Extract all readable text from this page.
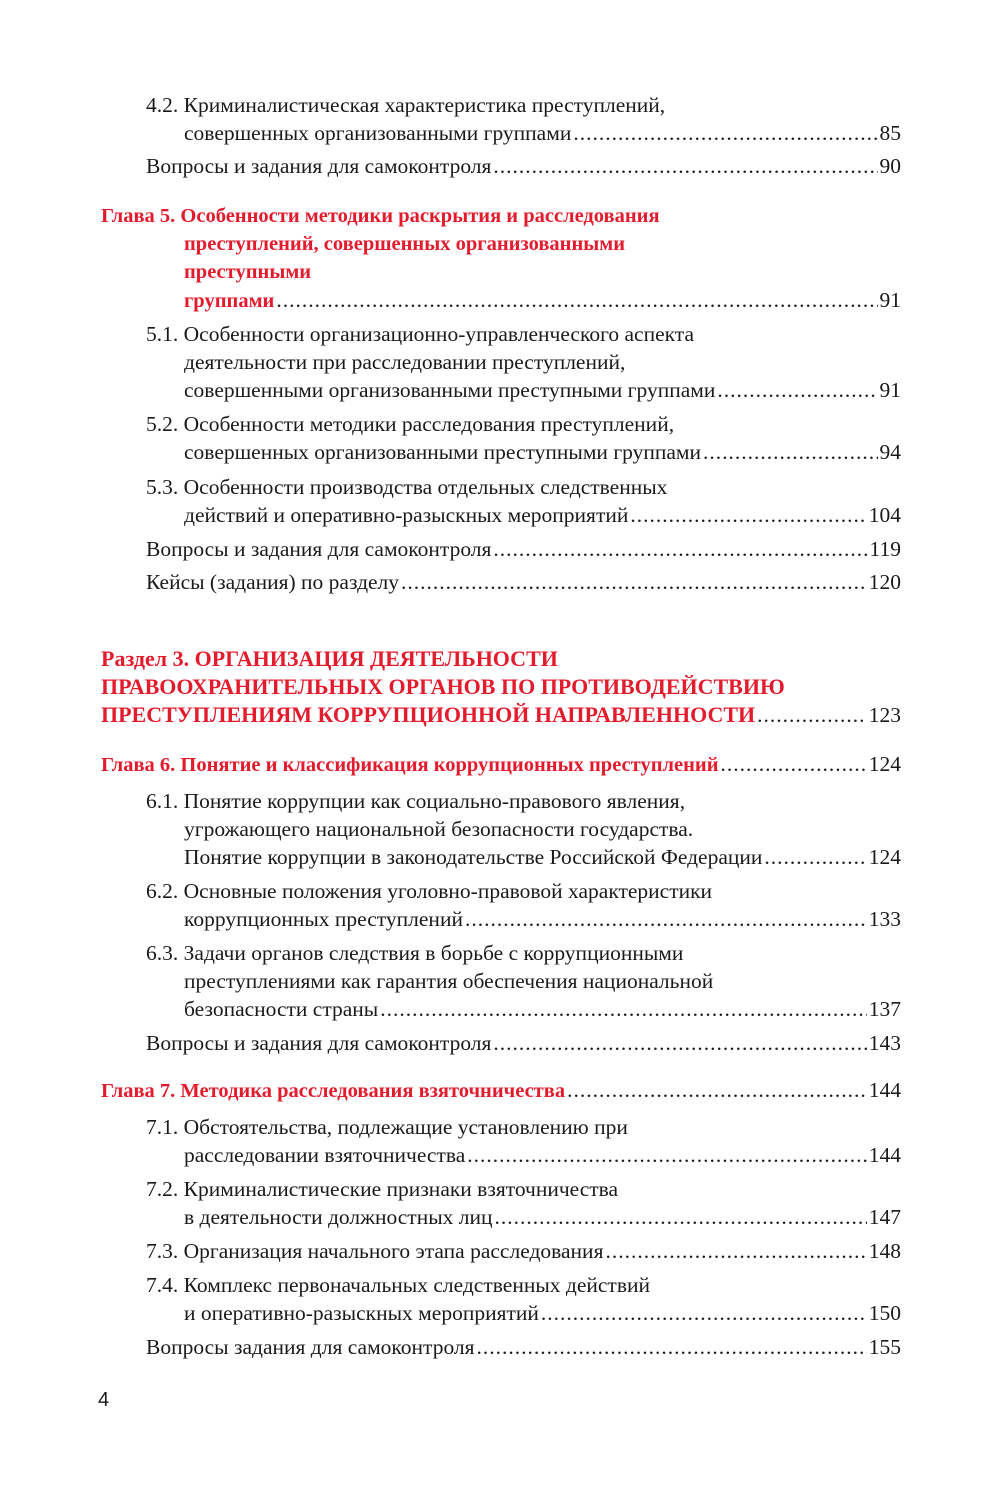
4.2. Криминалистическая характеристика преступлений,
совершенных организованными группами .....	85
Вопросы и задания для самоконтроля .....	90
Глава 5. Особенности методики раскрытия и расследования
преступлений, совершенных организованными
преступными
группами .....	91
5.1. Особенности организационно-управленческого аспекта
деятельности при расследовании преступлений,
совершенными организованными преступными группами .....	91
5.2. Особенности методики расследования преступлений,
совершенных организованными преступными группами .....	94
5.3. Особенности производства отдельных следственных
действий и оперативно-разыскных мероприятий .....	104
Вопросы и задания для самоконтроля .....	119
Кейсы (задания) по разделу .....	120
Раздел 3. ОРГАНИЗАЦИЯ ДЕЯТЕЛЬНОСТИ
ПРАВООХРАНИТЕЛЬНЫХ ОРГАНОВ ПО ПРОТИВОДЕЙСТВИЮ
ПРЕСТУПЛЕНИЯМ КОРРУПЦИОННОЙ НАПРАВЛЕННОСТИ .....	123
Глава 6. Понятие и классификация коррупционных преступлений .....	124
6.1. Понятие коррупции как социально-правового явления,
угрожающего национальной безопасности государства.
Понятие коррупции в законодательстве Российской Федерации .....	124
6.2. Основные положения уголовно-правовой характеристики
коррупционных преступлений .....	133
6.3. Задачи органов следствия в борьбе с коррупционными
преступлениями как гарантия обеспечения национальной
безопасности страны .....	137
Вопросы и задания для самоконтроля .....	143
Глава 7. Методика расследования взяточничества .....	144
7.1. Обстоятельства, подлежащие установлению при
расследовании взяточничества .....	144
7.2. Криминалистические признаки взяточничества
в деятельности должностных лиц .....	147
7.3. Организация начального этапа расследования .....	148
7.4. Комплекс первоначальных следственных действий
и оперативно-разыскных мероприятий .....	150
Вопросы задания для самоконтроля .....	155
4
